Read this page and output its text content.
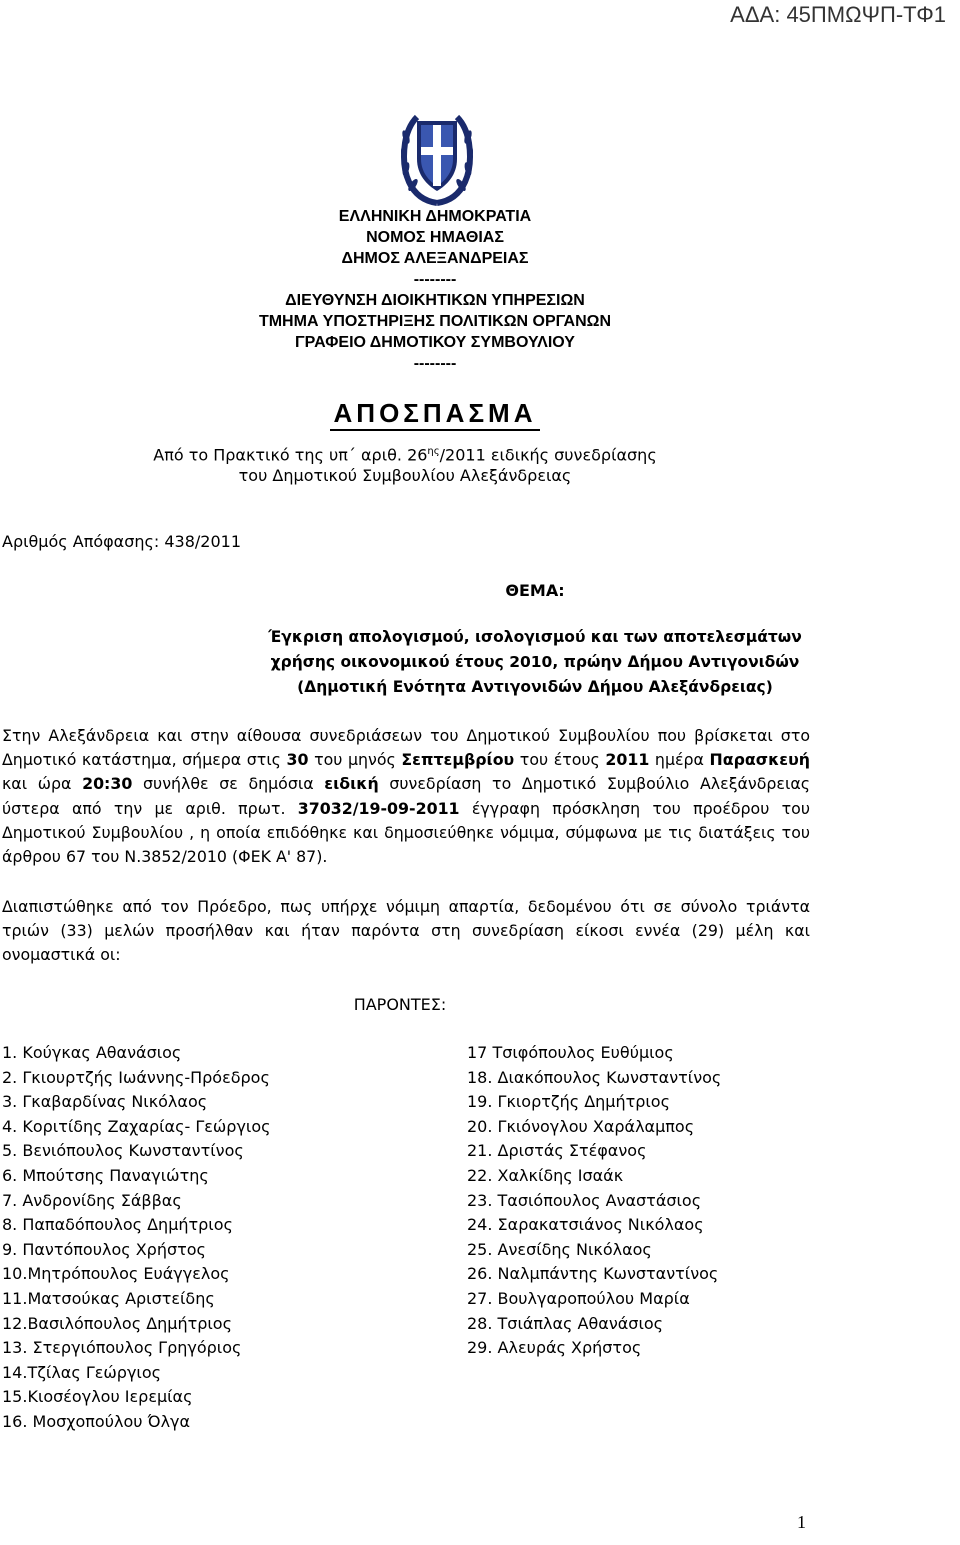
ΑΔΑ: 45ΠΜΩΨΠ-ΤΦ1
ΕΛΛΗΝΙΚΗ ΔΗΜΟΚΡΑΤΙΑ
ΝΟΜΟΣ ΗΜΑΘΙΑΣ
ΔΗΜΟΣ ΑΛΕΞΑΝΔΡΕΙΑΣ
--------
ΔΙΕΥΘΥΝΣΗ ΔΙΟΙΚΗΤΙΚΩΝ ΥΠΗΡΕΣΙΩΝ
ΤΜΗΜΑ ΥΠΟΣΤΗΡΙΞΗΣ ΠΟΛΙΤΙΚΩΝ ΟΡΓΑΝΩΝ
ΓΡΑΦΕΙΟ ΔΗΜΟΤΙΚΟΥ ΣΥΜΒΟΥΛΙΟΥ
--------
ΑΠΟΣΠΑΣΜΑ
Από το Πρακτικό της υπ΄ αριθ. $26^{\eta\varsigma}/2011$ ειδικής συνεδρίασης
του Δημοτικού Συμβουλίου Αλεξάνδρειας
Αριθμός Απόφασης: 438/2011
ΘΕΜΑ:
Έγκριση απολογισμού, ισολογισμού και των αποτελεσμάτων
χρήσης οικονομικού έτους 2010, πρώην Δήμου Αντιγονιδών
(Δημοτική Ενότητα Αντιγονιδών Δήμου Αλεξάνδρειας)
Στην Αλεξάνδρεια και στην αίθουσα συνεδριάσεων του Δημοτικού Συμβουλίου που βρίσκεται στο Δημοτικό κατάστημα, σήμερα στις 30 του μηνός Σεπτεμβρίου του έτους 2011 ημέρα Παρασκευή και ώρα 20:30 συνήλθε σε δημόσια ειδική συνεδρίαση το Δημοτικό Συμβούλιο Αλεξάνδρειας ύστερα από την με αριθ. πρωτ. 37032/19-09-2011 έγγραφη πρόσκληση του προέδρου του Δημοτικού Συμβουλίου , η οποία επιδόθηκε και δημοσιεύθηκε νόμιμα, σύμφωνα με τις διατάξεις του άρθρου 67 του Ν.3852/2010 (ΦΕΚ Α' 87).
Διαπιστώθηκε από τον Πρόεδρο, πως υπήρχε νόμιμη απαρτία, δεδομένου ότι σε σύνολο τριάντα τριών (33) μελών προσήλθαν και ήταν παρόντα στη συνεδρίαση είκοσι εννέα (29) μέλη και ονομαστικά οι:
ΠΑΡΟΝΤΕΣ:
1. Κούγκας Αθανάσιος
2. Γκιουρτζής Ιωάννης-Πρόεδρος
3. Γκαβαρδίνας Νικόλαος
4. Κοριτίδης Ζαχαρίας- Γεώργιος
5. Βενιόπουλος Κωνσταντίνος
6. Μπούτσης Παναγιώτης
7. Ανδρονίδης Σάββας
8. Παπαδόπουλος Δημήτριος
9. Παντόπουλος Χρήστος
10.Μητρόπουλος Ευάγγελος
11.Ματσούκας Αριστείδης
12.Βασιλόπουλος Δημήτριος
13. Στεργιόπουλος Γρηγόριος
14.Τζίλας Γεώργιος
15.Κιοσέογλου Ιερεμίας
16. Μοσχοπούλου Όλγα
17 Τσιφόπουλος Ευθύμιος
18. Διακόπουλος Κωνσταντίνος
19. Γκιορτζής Δημήτριος
20. Γκιόνογλου Χαράλαμπος
21. Δριστάς Στέφανος
22. Χαλκίδης Ισαάκ
23. Τασιόπουλος Αναστάσιος
24. Σαρακατσιάνος Νικόλαος
25. Ανεσίδης Νικόλαος
26. Ναλμπάντης Κωνσταντίνος
27. Βουλγαροπούλου Μαρία
28. Τσιάπλας Αθανάσιος
29. Αλευράς Χρήστος
1
